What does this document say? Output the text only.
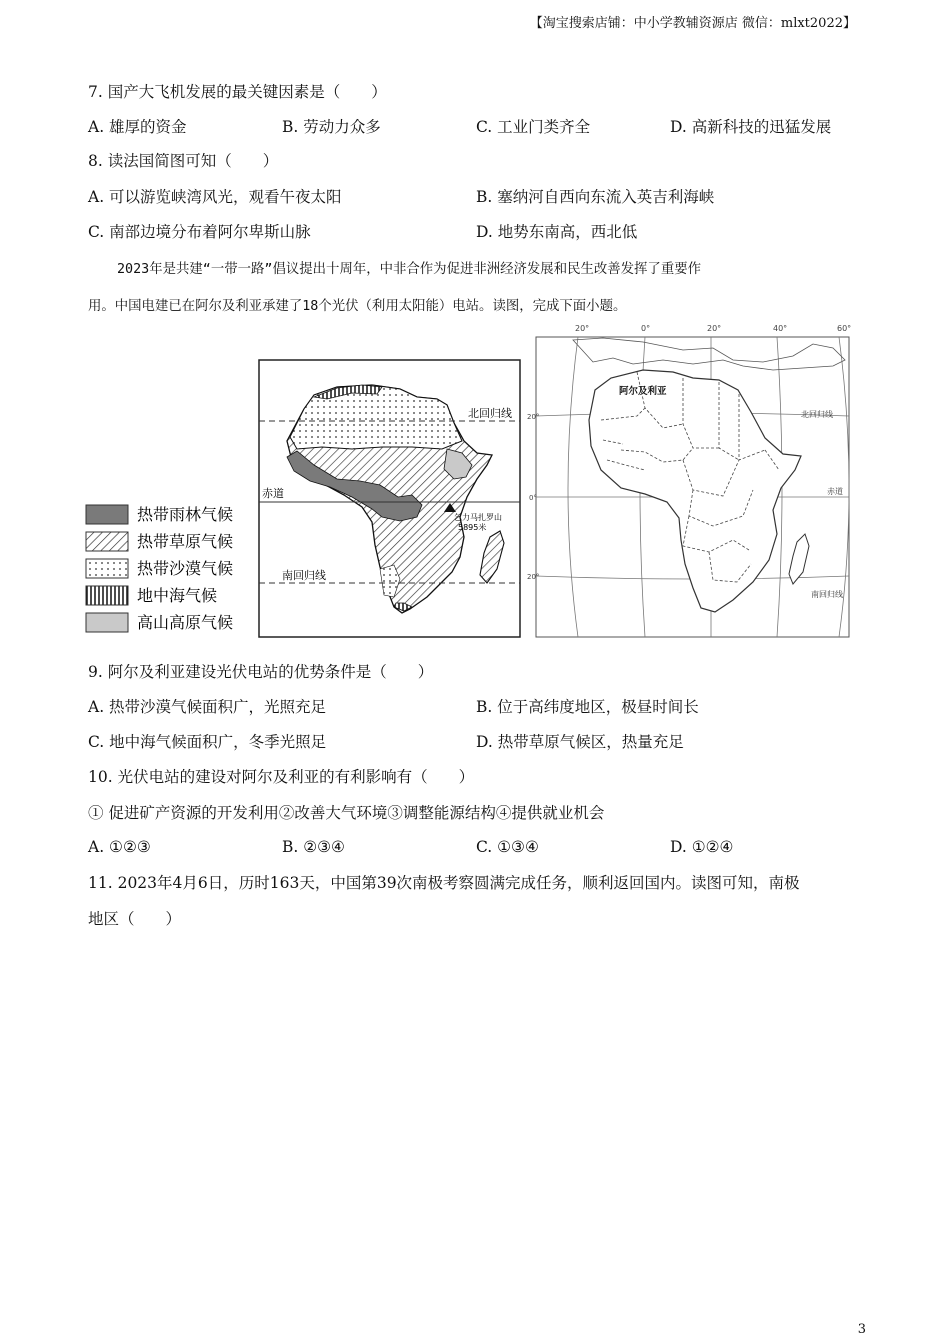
【淘宝搜索店铺：中小学教辅资源店 微信：mlxt2022】
7. 国产大飞机发展的最关键因素是（　　）
A. 雄厚的资金	B. 劳动力众多	C. 工业门类齐全	D. 高新科技的迅猛发展
8. 读法国简图可知（　　）
A. 可以游览峡湾风光，观看午夜太阳	B. 塞纳河自西向东流入英吉利海峡
C. 南部边境分布着阿尔卑斯山脉	D. 地势东南高，西北低
2023年是共建“一带一路”倡议提出十周年，中非合作为促进非洲经济发展和民生改善发挥了重要作
用。中国电建已在阿尔及利亚承建了18个光伏（利用太阳能）电站。读图，完成下面小题。
热带雨林气候
热带草原气候
热带沙漠气候
地中海气候
高山高原气候
北回归线
赤道
南回归线
乞力马扎罗山
5895米
20°	0°	20°	40°	60°
20°
0°
20°
阿尔及利亚
北回归线
赤道
南回归线
9. 阿尔及利亚建设光伏电站的优势条件是（　　）
A. 热带沙漠气候面积广，光照充足	B. 位于高纬度地区，极昼时间长
C. 地中海气候面积广，冬季光照足	D. 热带草原气候区，热量充足
10. 光伏电站的建设对阿尔及利亚的有利影响有（　　）
① 促进矿产资源的开发利用②改善大气环境③调整能源结构④提供就业机会
A. ①②③	B. ②③④	C. ①③④	D. ①②④
11. 2023年4月6日，历时163天，中国第39次南极考察圆满完成任务，顺利返回国内。读图可知，南极
地区（　　）
3
